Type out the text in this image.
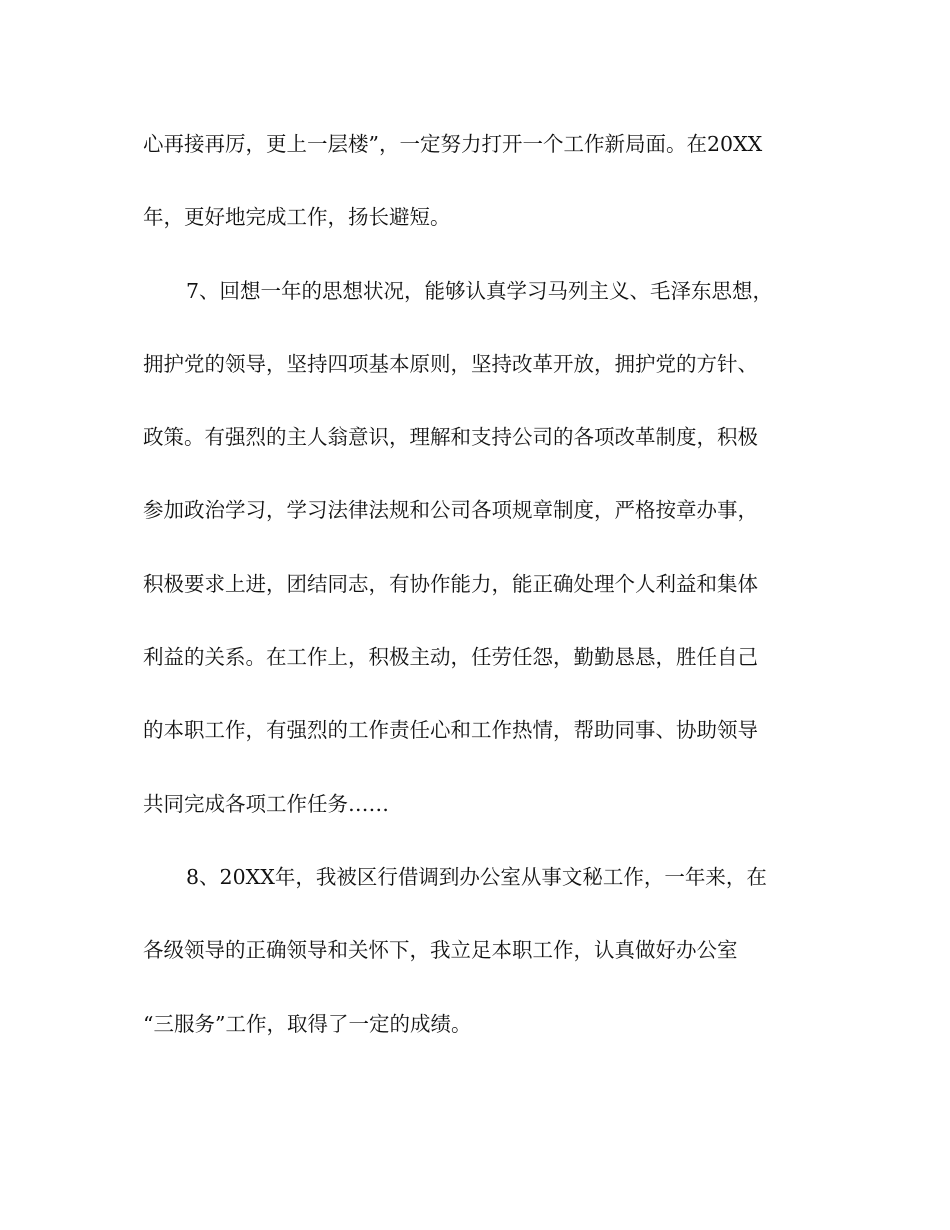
心再接再厉，更上一层楼”，一定努力打开一个工作新局面。在20XX
年，更好地完成工作，扬长避短。
7、回想一年的思想状况，能够认真学习马列主义、毛泽东思想，
拥护党的领导，坚持四项基本原则，坚持改革开放，拥护党的方针、
政策。有强烈的主人翁意识，理解和支持公司的各项改革制度，积极
参加政治学习，学习法律法规和公司各项规章制度，严格按章办事，
积极要求上进，团结同志，有协作能力，能正确处理个人利益和集体
利益的关系。在工作上，积极主动，任劳任怨，勤勤恳恳，胜任自己
的本职工作，有强烈的工作责任心和工作热情，帮助同事、协助领导
共同完成各项工作任务……
8、20XX年，我被区行借调到办公室从事文秘工作，一年来，在
各级领导的正确领导和关怀下，我立足本职工作，认真做好办公室
“三服务”工作，取得了一定的成绩。
